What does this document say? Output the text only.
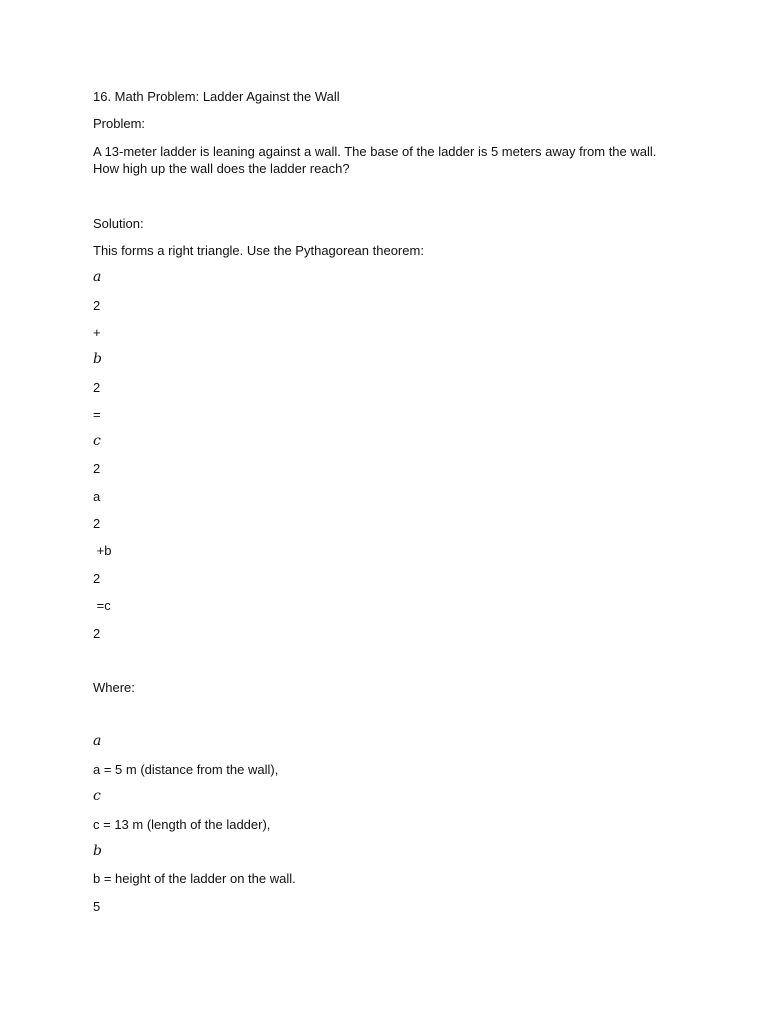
16. Math Problem: Ladder Against the Wall
Problem:
A 13-meter ladder is leaning against a wall. The base of the ladder is 5 meters away from the wall.
How high up the wall does the ladder reach?
Solution:
This forms a right triangle. Use the Pythagorean theorem:
a
2
+
b
2
=
c
2
a
2
+b
2
=c
2
Where:
a
a = 5 m (distance from the wall),
c
c = 13 m (length of the ladder),
b
b = height of the ladder on the wall.
5
